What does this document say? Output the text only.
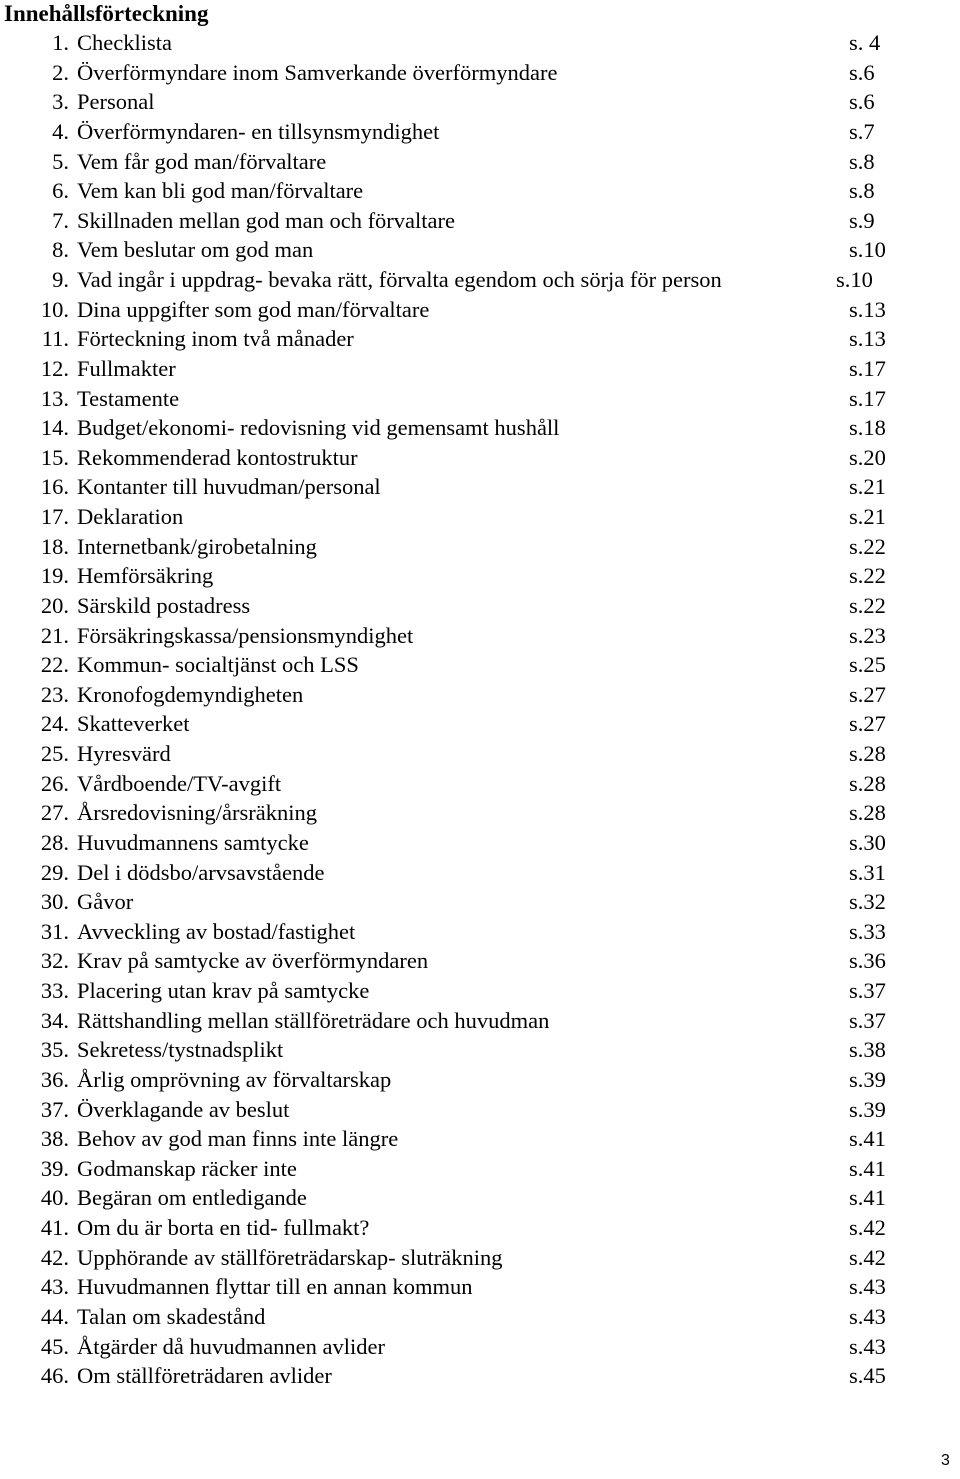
Innehållsförteckning
1. Checklista	s. 4
2. Överförmyndare inom Samverkande överförmyndare	s.6
3. Personal	s.6
4. Överförmyndaren- en tillsynsmyndighet	s.7
5. Vem får god man/förvaltare	s.8
6. Vem kan bli god man/förvaltare	s.8
7. Skillnaden mellan god man och förvaltare	s.9
8. Vem beslutar om god man	s.10
9. Vad ingår i uppdrag- bevaka rätt, förvalta egendom och sörja för person	s.10
10. Dina uppgifter som god man/förvaltare	s.13
11. Förteckning inom två månader	s.13
12. Fullmakter	s.17
13. Testamente	s.17
14. Budget/ekonomi- redovisning vid gemensamt hushåll	s.18
15. Rekommenderad kontostruktur	s.20
16. Kontanter till huvudman/personal	s.21
17. Deklaration	s.21
18. Internetbank/girobetalning	s.22
19. Hemförsäkring	s.22
20. Särskild postadress	s.22
21. Försäkringskassa/pensionsmyndighet	s.23
22. Kommun- socialtjänst och LSS	s.25
23. Kronofogdemyndigheten	s.27
24. Skatteverket	s.27
25. Hyresvärd	s.28
26. Vårdboende/TV-avgift	s.28
27. Årsredovisning/årsräkning	s.28
28. Huvudmannens samtycke	s.30
29. Del i dödsbo/arvsavstående	s.31
30. Gåvor	s.32
31. Avveckling av bostad/fastighet	s.33
32. Krav på samtycke av överförmyndaren	s.36
33. Placering utan krav på samtycke	s.37
34. Rättshandling mellan ställföreträdare och huvudman	s.37
35. Sekretess/tystnadsplikt	s.38
36. Årlig omprövning av förvaltarskap	s.39
37. Överklagande av beslut	s.39
38. Behov av god man finns inte längre	s.41
39. Godmanskap räcker inte	s.41
40. Begäran om entledigande	s.41
41. Om du är borta en tid- fullmakt?	s.42
42. Upphörande av ställföreträdarskap- sluträkning	s.42
43. Huvudmannen flyttar till en annan kommun	s.43
44. Talan om skadestånd	s.43
45. Åtgärder då huvudmannen avlider	s.43
46. Om ställföreträdaren avlider	s.45
3
